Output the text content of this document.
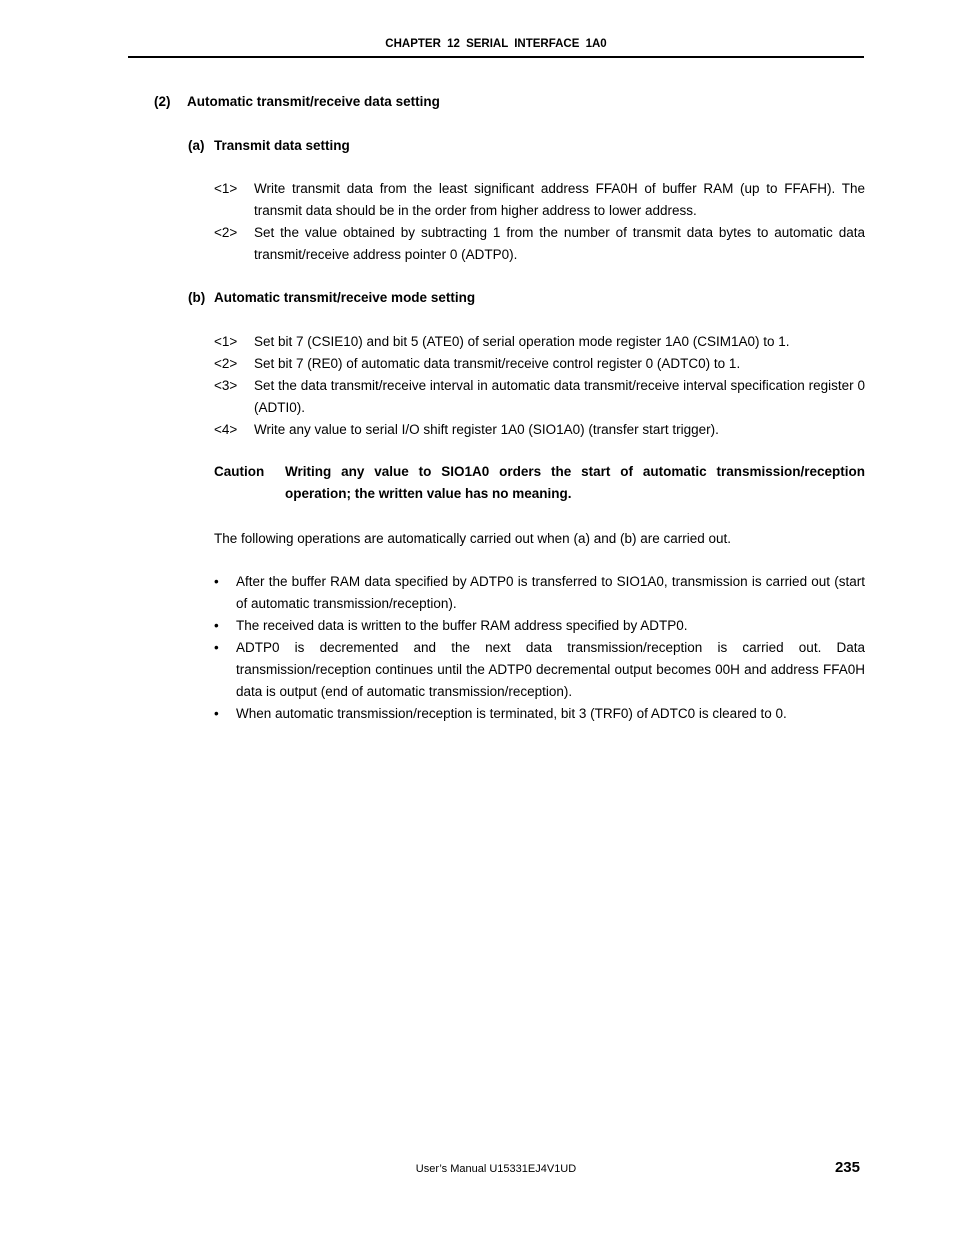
CHAPTER 12 SERIAL INTERFACE 1A0
(2) Automatic transmit/receive data setting
(a) Transmit data setting
<1>	Write transmit data from the least significant address FFA0H of buffer RAM (up to FFAFH). The transmit data should be in the order from higher address to lower address.
<2>	Set the value obtained by subtracting 1 from the number of transmit data bytes to automatic data transmit/receive address pointer 0 (ADTP0).
(b) Automatic transmit/receive mode setting
<1>	Set bit 7 (CSIE10) and bit 5 (ATE0) of serial operation mode register 1A0 (CSIM1A0) to 1.
<2>	Set bit 7 (RE0) of automatic data transmit/receive control register 0 (ADTC0) to 1.
<3>	Set the data transmit/receive interval in automatic data transmit/receive interval specification register 0 (ADTI0).
<4>	Write any value to serial I/O shift register 1A0 (SIO1A0) (transfer start trigger).
Caution	Writing any value to SIO1A0 orders the start of automatic transmission/reception operation; the written value has no meaning.
The following operations are automatically carried out when (a) and (b) are carried out.
•	After the buffer RAM data specified by ADTP0 is transferred to SIO1A0, transmission is carried out (start of automatic transmission/reception).
•	The received data is written to the buffer RAM address specified by ADTP0.
•	ADTP0 is decremented and the next data transmission/reception is carried out. Data transmission/reception continues until the ADTP0 decremental output becomes 00H and address FFA0H data is output (end of automatic transmission/reception).
•	When automatic transmission/reception is terminated, bit 3 (TRF0) of ADTC0 is cleared to 0.
User’s Manual U15331EJ4V1UD	235
